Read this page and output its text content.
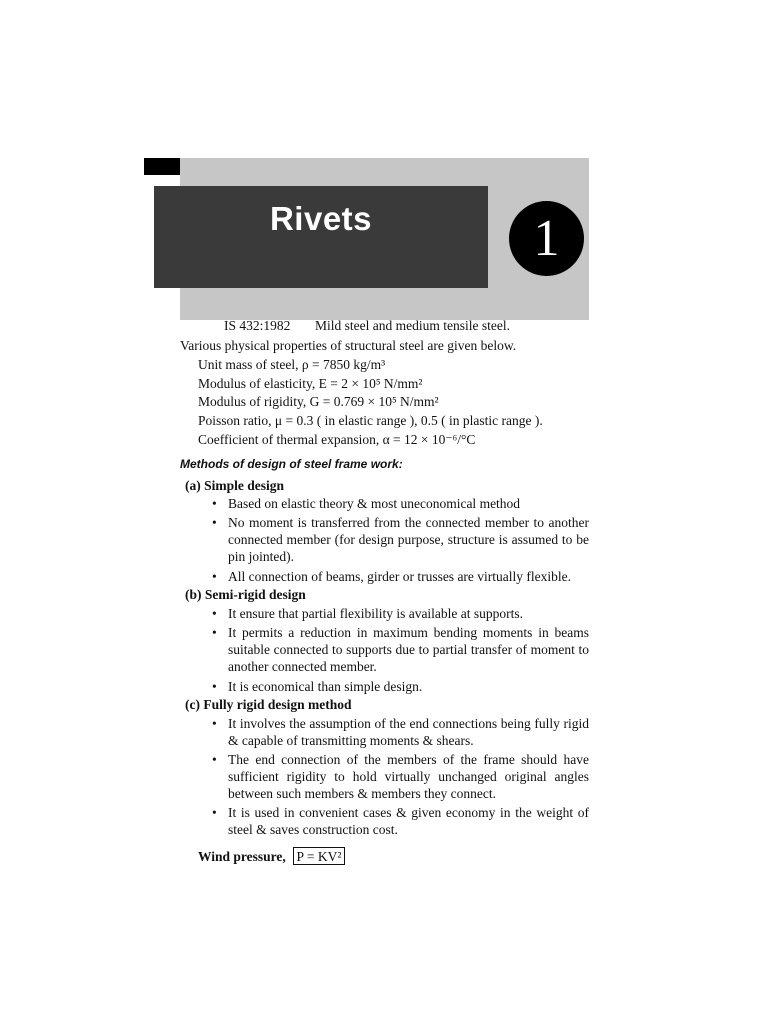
Rivets	1
IS 432:1982 Mild steel and medium tensile steel.
Various physical properties of structural steel are given below.
Unit mass of steel, ρ = 7850 kg/m³
Modulus of elasticity, E = 2 × 10⁵ N/mm²
Modulus of rigidity, G = 0.769 × 10⁵ N/mm²
Poisson ratio, μ = 0.3 ( in elastic range ), 0.5 ( in plastic range ).
Coefficient of thermal expansion, α = 12 × 10⁻⁶/°C
Methods of design of steel frame work:
(a) Simple design
• Based on elastic theory & most uneconomical method
• No moment is transferred from the connected member to another connected member (for design purpose, structure is assumed to be pin jointed).
• All connection of beams, girder or trusses are virtually flexible.
(b) Semi-rigid design
• It ensure that partial flexibility is available at supports.
• It permits a reduction in maximum bending moments in beams suitable connected to supports due to partial transfer of moment to another connected member.
• It is economical than simple design.
(c) Fully rigid design method
• It involves the assumption of the end connections being fully rigid & capable of transmitting moments & shears.
• The end connection of the members of the frame should have sufficient rigidity to hold virtually unchanged original angles between such members & members they connect.
• It is used in convenient cases & given economy in the weight of steel & saves construction cost.
Wind pressure, P = KV²
